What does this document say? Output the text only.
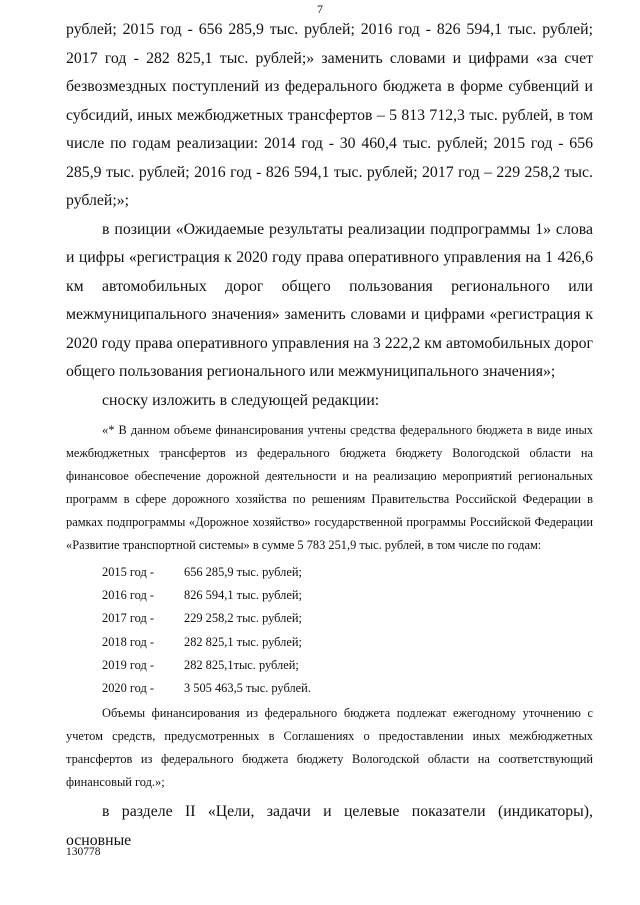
7

рублей; 2015 год - 656 285,9 тыс. рублей; 2016 год - 826 594,1 тыс. рублей; 2017 год - 282 825,1 тыс. рублей;» заменить словами и цифрами «за счет безвозмездных поступлений из федерального бюджета в форме субвенций и субсидий, иных межбюджетных трансфертов – 5 813 712,3 тыс. рублей, в том числе по годам реализации: 2014 год - 30 460,4 тыс. рублей; 2015 год - 656 285,9 тыс. рублей; 2016 год - 826 594,1 тыс. рублей; 2017 год – 229 258,2 тыс. рублей;»;

в позиции «Ожидаемые результаты реализации подпрограммы 1» слова и цифры «регистрация к 2020 году права оперативного управления на 1 426,6 км автомобильных дорог общего пользования регионального или межмуниципального значения» заменить словами и цифрами «регистрация к 2020 году права оперативного управления на 3 222,2 км автомобильных дорог общего пользования регионального или межмуниципального значения»;

сноску изложить в следующей редакции:

«* В данном объеме финансирования учтены средства федерального бюджета в виде иных межбюджетных трансфертов из федерального бюджета бюджету Вологодской области на финансовое обеспечение дорожной деятельности и на реализацию мероприятий региональных программ в сфере дорожного хозяйства по решениям Правительства Российской Федерации в рамках подпрограммы «Дорожное хозяйство» государственной программы Российской Федерации «Развитие транспортной системы» в сумме 5 783 251,9 тыс. рублей, в том числе по годам:

2015 год - 656 285,9 тыс. рублей;
2016 год - 826 594,1 тыс. рублей;
2017 год - 229 258,2 тыс. рублей;
2018 год - 282 825,1 тыс. рублей;
2019 год - 282 825,1тыс. рублей;
2020 год - 3 505 463,5 тыс. рублей.

Объемы финансирования из федерального бюджета подлежат ежегодному уточнению с учетом средств, предусмотренных в Соглашениях о предоставлении иных межбюджетных трансфертов из федерального бюджета бюджету Вологодской области на соответствующий финансовый год.»;

в разделе II «Цели, задачи и целевые показатели (индикаторы), основные

130778
